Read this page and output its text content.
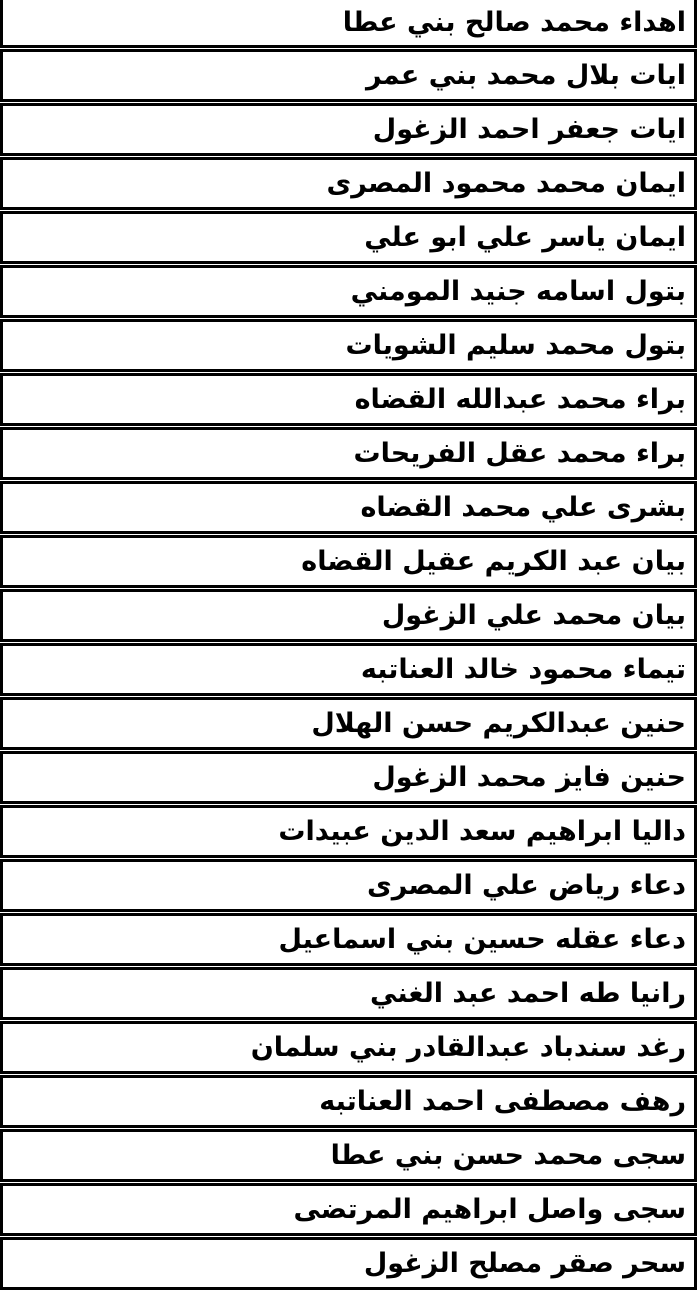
اهداء محمد صالح بني عطا
ايات بلال محمد بني عمر
ايات جعفر احمد الزغول
ايمان محمد محمود المصرى
ايمان ياسر علي ابو علي
بتول اسامه جنيد المومني
بتول محمد سليم الشويات
براء محمد عبدالله القضاه
براء محمد عقل الفريحات
بشرى علي محمد القضاه
بيان عبد الكريم عقيل القضاه
بيان محمد علي الزغول
تيماء محمود خالد العناتبه
حنين عبدالكريم حسن الهلال
حنين فايز محمد الزغول
داليا ابراهيم سعد الدين عبيدات
دعاء رياض علي المصرى
دعاء عقله حسين بني اسماعيل
رانيا طه احمد عبد الغني
رغد سندباد عبدالقادر بني سلمان
رهف مصطفى احمد العناتبه
سجى محمد حسن بني عطا
سجى واصل ابراهيم المرتضى
سحر صقر مصلح الزغول
